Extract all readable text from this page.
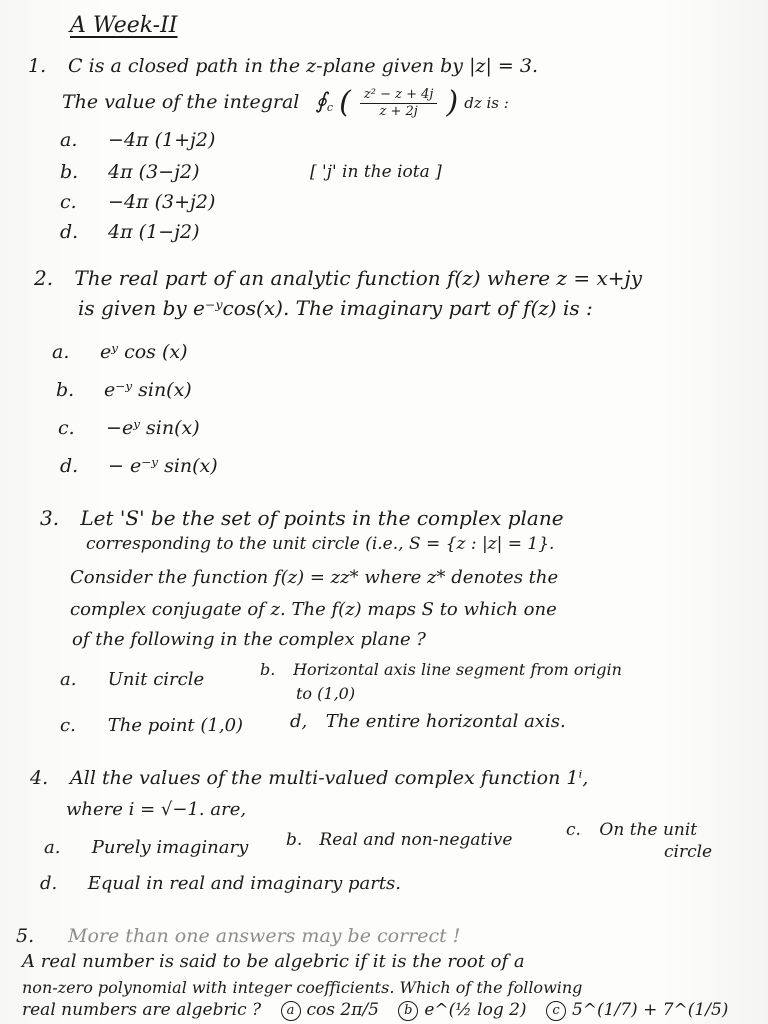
A Week-II
1. C is a closed path in the z-plane given by |z| = 3.
The value of the integral $∮_c$ ( $\frac{\text{z² − z + 4j}}{z + 2j}$ ) dz is :
a. −4π (1+j2)
b. 4π (3−j2)
c. −4π (3+j2)
d. 4π (1−j2)
[ 'j' in the iota ]
2. The real part of an analytic function f(z) where z = x+jy
is given by e⁻ʸcos(x). The imaginary part of f(z) is :
a. eʸ cos (x)
b. e⁻ʸ sin(x)
c. −eʸ sin(x)
d. − e⁻ʸ sin(x)
3. Let 'S' be the set of points in the complex plane
corresponding to the unit circle (i.e., S = {z : |z| = 1}.
Consider the function f(z) = zz* where z* denotes the
complex conjugate of z. The f(z) maps S to which one
of the following in the complex plane ?
a. Unit circle	b. Horizontal axis line segment from origin
to (1,0)
c. The point (1,0)	d, The entire horizontal axis.
4. All the values of the multi-valued complex function 1ⁱ,
where i = √−1. are,
a. Purely imaginary b. Real and non-negative	c. On the unit
circle
d. Equal in real and imaginary parts.
5. More than one answers may be correct !
A real number is said to be algebric if it is the root of a
non-zero polynomial with integer coefficients. Which of the following
real numbers are algebric ? a cos 2π/5 b e^(½ log 2) c 5^(1/7) + 7^(1/5)
